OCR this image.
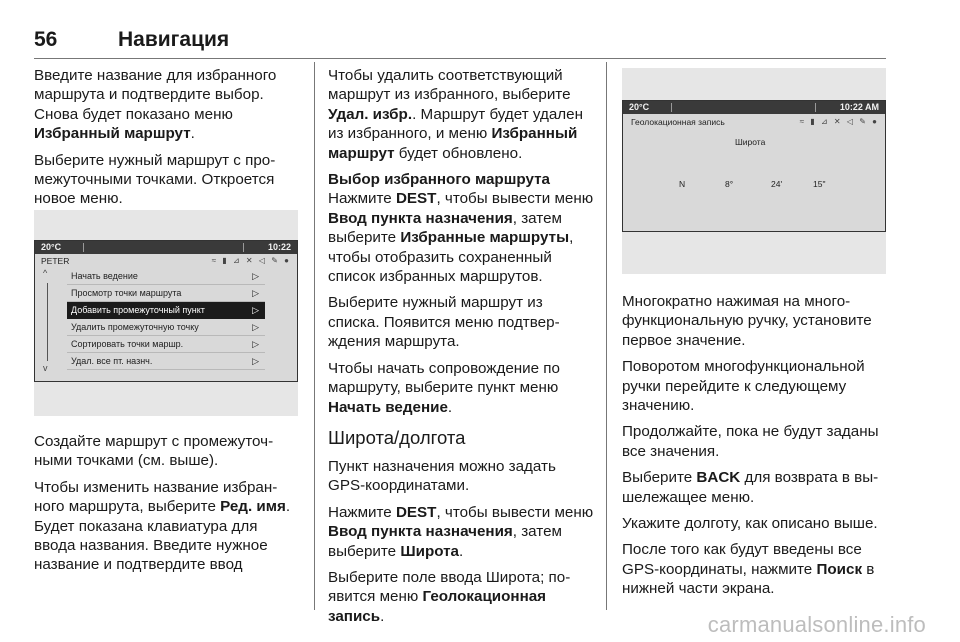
56	Навигация

Введите название для избранного маршрута и подтвердите выбор. Снова будет показано меню Избранный маршрут.

Выберите нужный маршрут с промежуточными точками. Откроется новое меню.

20°C	10:22
PETER	≈ ▮ ⊿ ✕ ◁ ✎ ●
^
v
Начать ведение	▷
Просмотр точки маршрута	▷
Добавить промежуточный пункт	▷
Удалить промежуточную точку	▷
Сортировать точки маршр.	▷
Удал. все пт. назнч.	▷

Создайте маршрут с промежуточными точками (см. выше).

Чтобы изменить название избранного маршрута, выберите Ред. имя. Будет показана клавиатура для ввода названия. Введите нужное название и подтвердите ввод

Чтобы удалить соответствующий маршрут из избранного, выберите Удал. избр.. Маршрут будет удален из избранного, и меню Избранный маршрут будет обновлено.

Выбор избранного маршрута

Нажмите DEST, чтобы вывести меню Ввод пункта назначения, затем выберите Избранные маршруты, чтобы отобразить сохраненный список избранных маршрутов.

Выберите нужный маршрут из списка. Появится меню подтверждения маршрута.

Чтобы начать сопровождение по маршруту, выберите пункт меню Начать ведение.

Широта/долгота

Пункт назначения можно задать GPS-координатами.

Нажмите DEST, чтобы вывести меню Ввод пункта назначения, затем выберите Широта.

Выберите поле ввода Широта; появится меню Геолокационная запись.

20°C	10:22 AM
Геолокационная запись	≈ ▮ ⊿ ✕ ◁ ✎ ●
Широта
N	8°	24'	15"

Многократно нажимая на многофункциональную ручку, установите первое значение.

Поворотом многофункциональной ручки перейдите к следующему значению.

Продолжайте, пока не будут заданы все значения.

Выберите BACK для возврата в вышележащее меню.

Укажите долготу, как описано выше.

После того как будут введены все GPS-координаты, нажмите Поиск в нижней части экрана.

carmanualsonline.info
